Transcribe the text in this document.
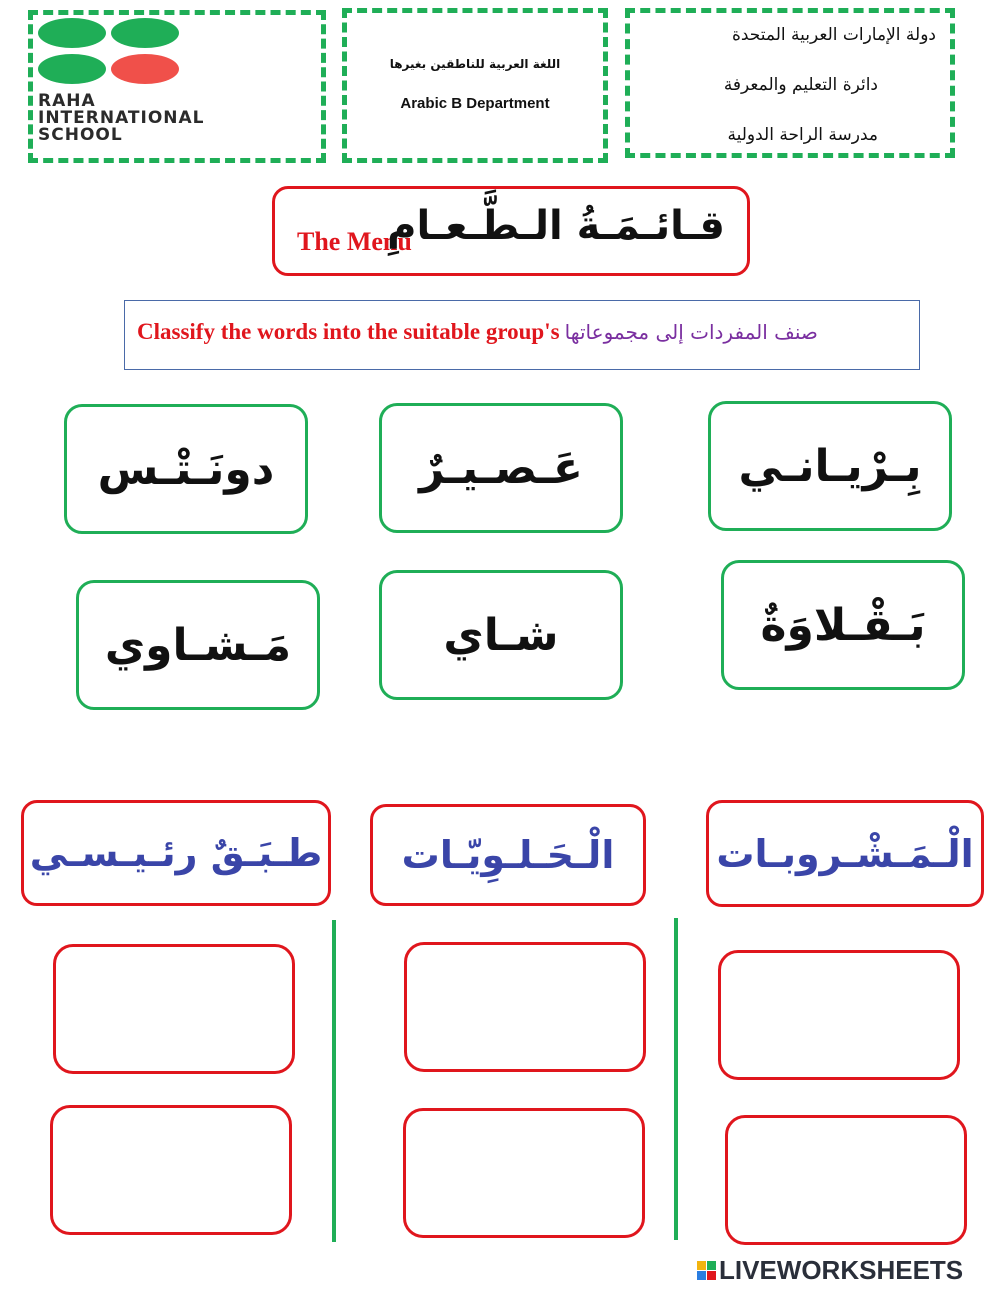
RAHA
INTERNATIONAL
SCHOOL
اللغة العربية للناطقين بغيرها
Arabic B Department
دولة الإمارات العربية المتحدة
دائرة التعليم والمعرفة
مدرسة الراحة الدولية
The Menu
قـائـمَـةُ الـطَّـعـامِ
Classify the words into the suitable group's صنف المفردات إلى مجموعاتها
بِـرْيـانـي
عَـصـيـرٌ
دونَـتْـس
بَـقْـلاوَةٌ
شـاي
مَـشـاوي
الْـمَـشْـروبـات
الْـحَـلـوِيّـات
طـبَـقٌ رئـيـسـي
LIVEWORKSHEETS
